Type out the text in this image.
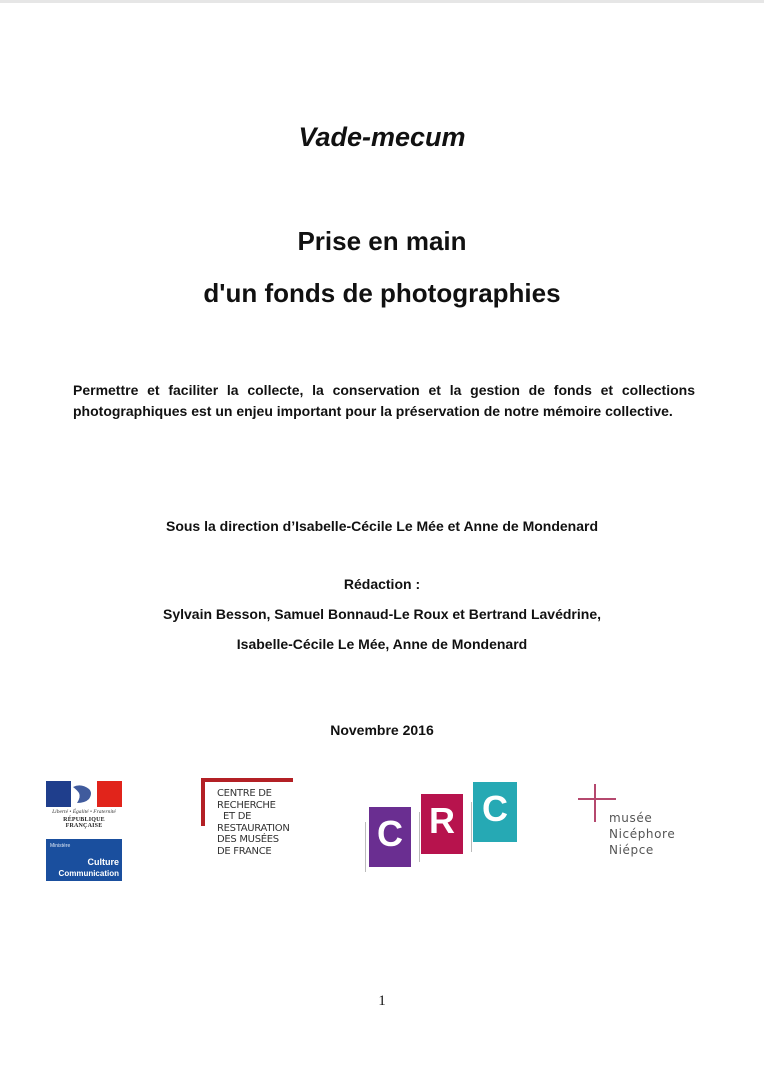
Vade-mecum
Prise en main
d'un fonds de photographies
Permettre et faciliter la collecte, la conservation et la gestion de fonds et collections photographiques est un enjeu important pour la préservation de notre mémoire collective.
Sous la direction d’Isabelle-Cécile Le Mée et Anne de Mondenard
Rédaction :
Sylvain Besson, Samuel Bonnaud-Le Roux et Bertrand Lavédrine,
Isabelle-Cécile Le Mée, Anne de Mondenard
Novembre 2016
Liberté • Égalité • Fraternité
RÉPUBLIQUE FRANÇAISE
Ministère
Culture
Communication
CENTRE DE
RECHERCHE
ET DE
RESTAURATION
DES MUSÉES
DE FRANCE	C R C	musée
Nicéphore
Niépce
1
